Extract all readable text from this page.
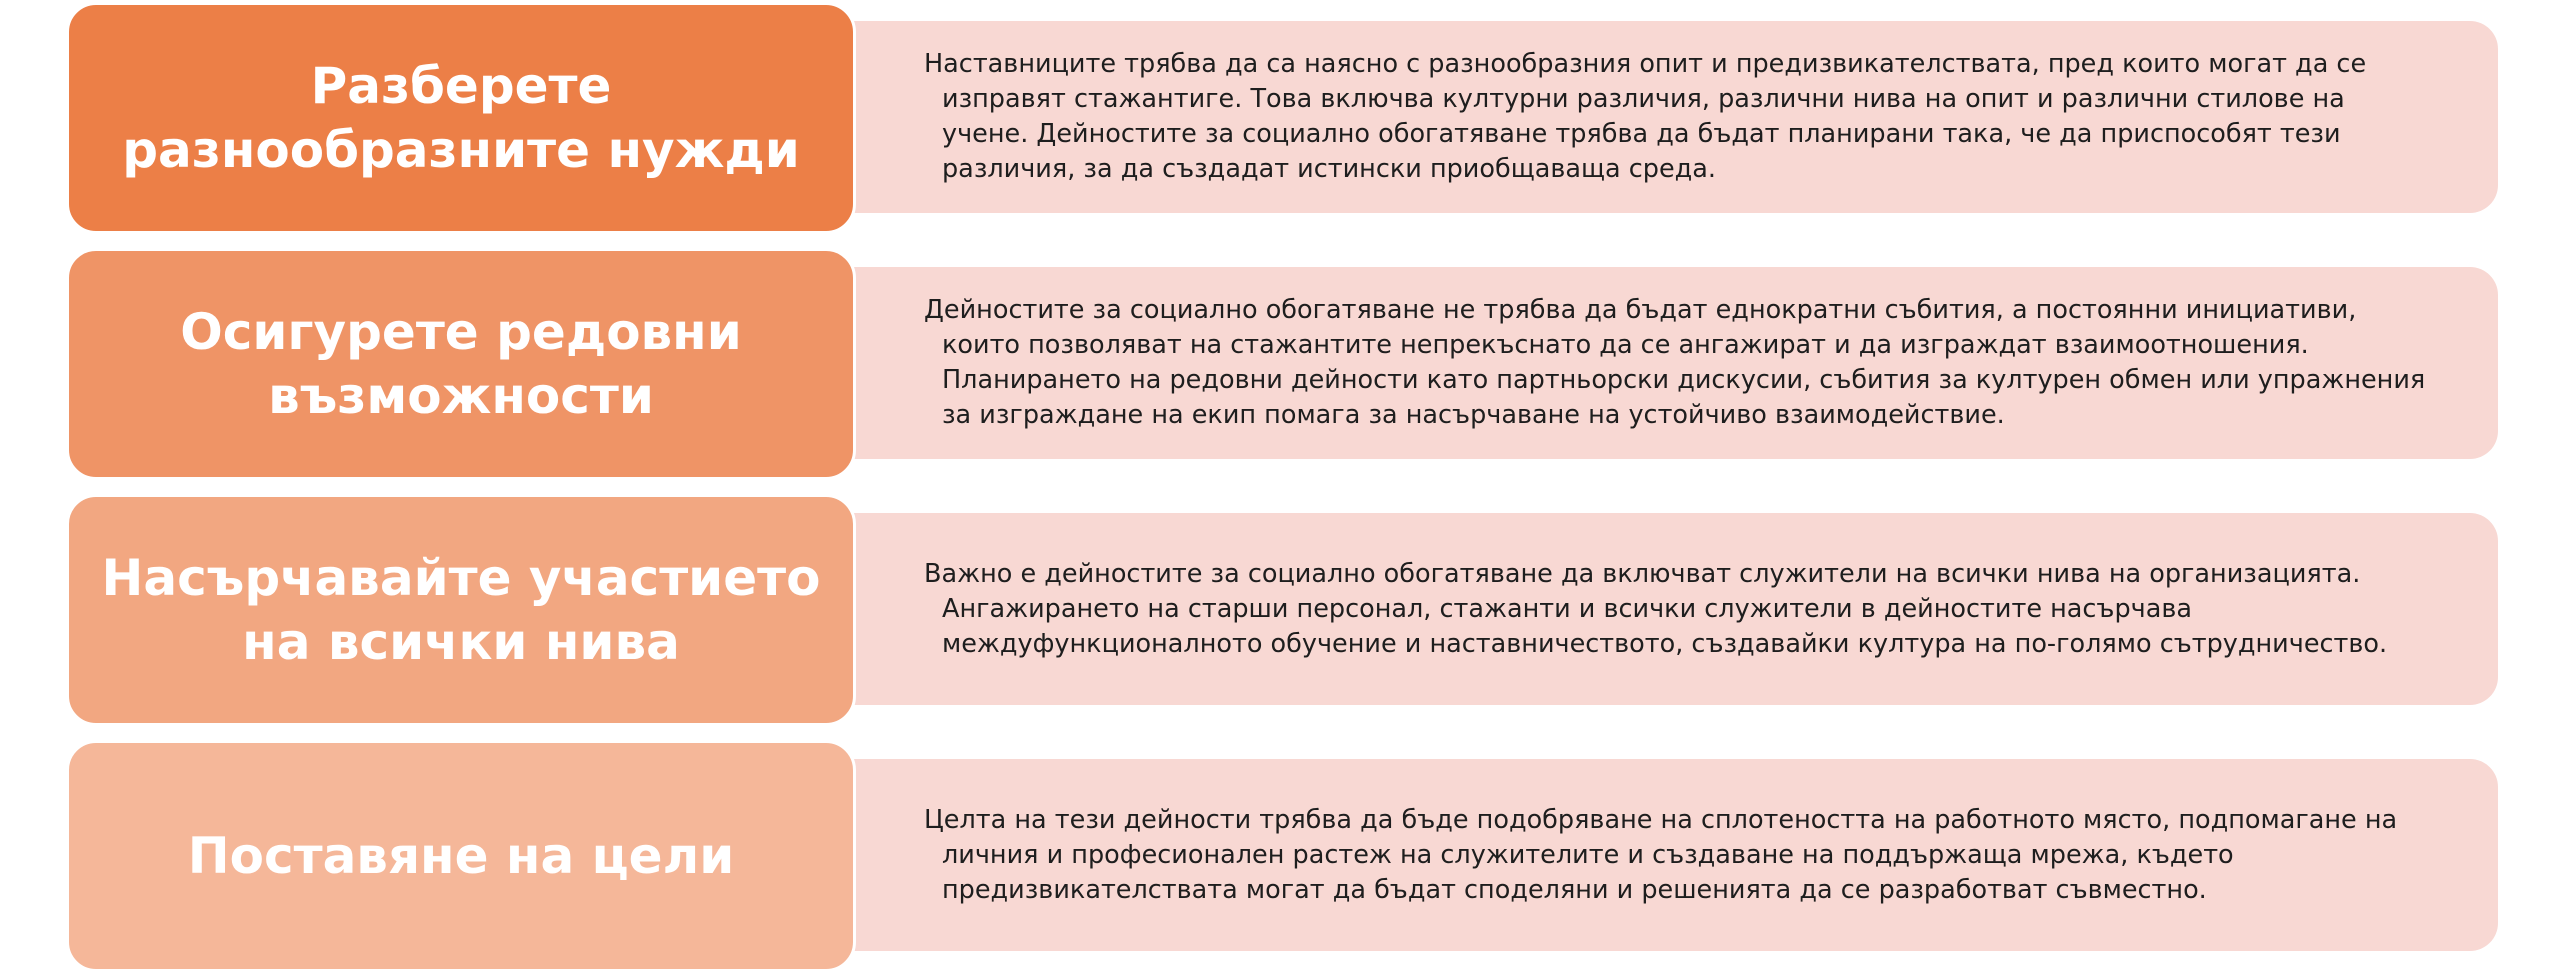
Наставниците трябва да са наясно с разнообразния опит и предизвикателствата, пред които могат да се изправят стажантиге. Това включва културни различия, различни нива на опит и различни стилове на учене. Дейностите за социално обогатяване трябва да бъдат планирани така, че да приспособят тези различия, за да създадат истински приобщаваща среда.

Разберете разнообразните нужди

Дейностите за социално обогатяване не трябва да бъдат еднократни събития, а постоянни инициативи, които позволяват на стажантите непрекъснато да се ангажират и да изграждат взаимоотношения. Планирането на редовни дейности като партньорски дискусии, събития за културен обмен или упражнения за изграждане на екип помага за насърчаване на устойчиво взаимодействие.

Осигурете редовни възможности

Важно е дейностите за социално обогатяване да включват служители на всички нива на организацията. Ангажирането на старши персонал, стажанти и всички служители в дейностите насърчава междуфункционалното обучение и наставничеството, създавайки култура на по-голямо сътрудничество.

Насърчавайте участието на всички нива

Целта на тези дейности трябва да бъде подобряване на сплотеността на работното място, подпомагане на личния и професионален растеж на служителите и създаване на поддържаща мрежа, където предизвикателствата могат да бъдат споделяни и решенията да се разработват съвместно.

Поставяне на цели
